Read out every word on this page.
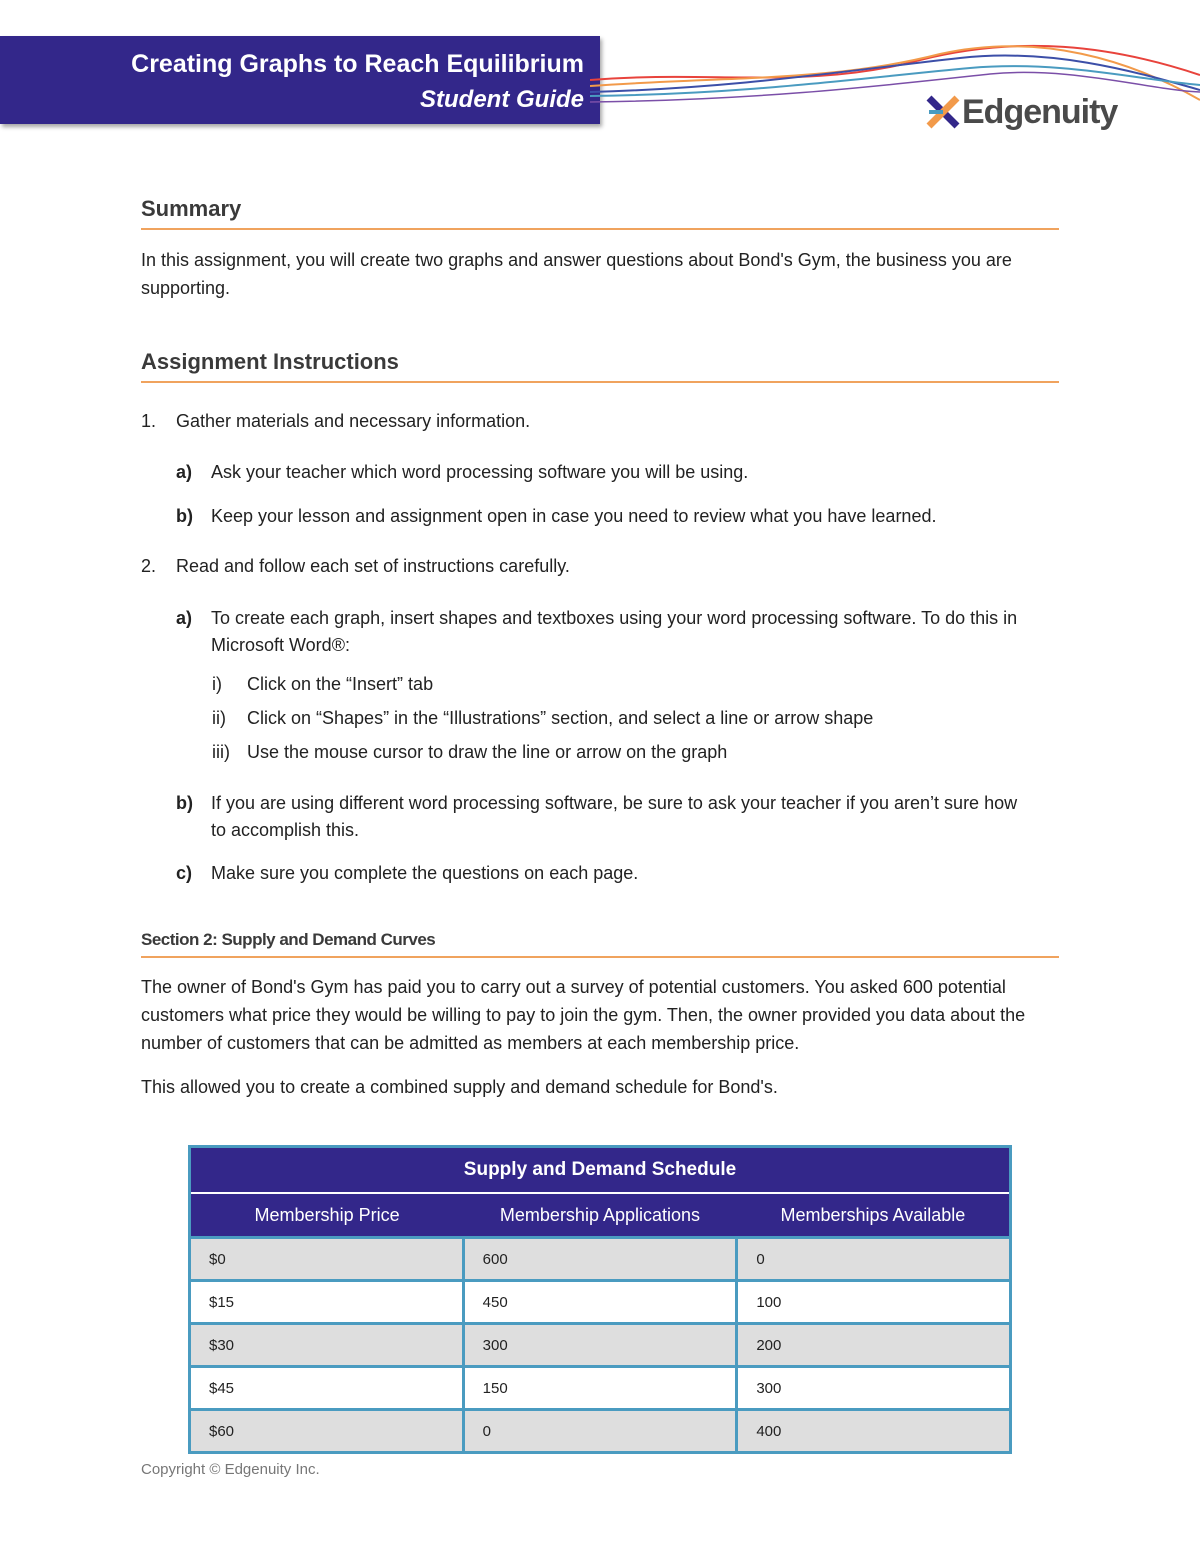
Creating Graphs to Reach Equilibrium
Student Guide	Edgenuity
Summary
In this assignment, you will create two graphs and answer questions about Bond's Gym, the business you are supporting.
Assignment Instructions
1. Gather materials and necessary information.
a) Ask your teacher which word processing software you will be using.
b) Keep your lesson and assignment open in case you need to review what you have learned.
2. Read and follow each set of instructions carefully.
a) To create each graph, insert shapes and textboxes using your word processing software. To do this in Microsoft Word®:
i) Click on the “Insert” tab
ii) Click on “Shapes” in the “Illustrations” section, and select a line or arrow shape
iii) Use the mouse cursor to draw the line or arrow on the graph
b) If you are using different word processing software, be sure to ask your teacher if you aren’t sure how to accomplish this.
c) Make sure you complete the questions on each page.
Section 2: Supply and Demand Curves
The owner of Bond's Gym has paid you to carry out a survey of potential customers. You asked 600 potential customers what price they would be willing to pay to join the gym. Then, the owner provided you data about the number of customers that can be admitted as members at each membership price.
This allowed you to create a combined supply and demand schedule for Bond's.
Supply and Demand Schedule		
Membership Price	Membership Applications	Memberships Available
$0	600	0
$15	450	100
$30	300	200
$45	150	300
$60	0	400
Copyright © Edgenuity Inc.
